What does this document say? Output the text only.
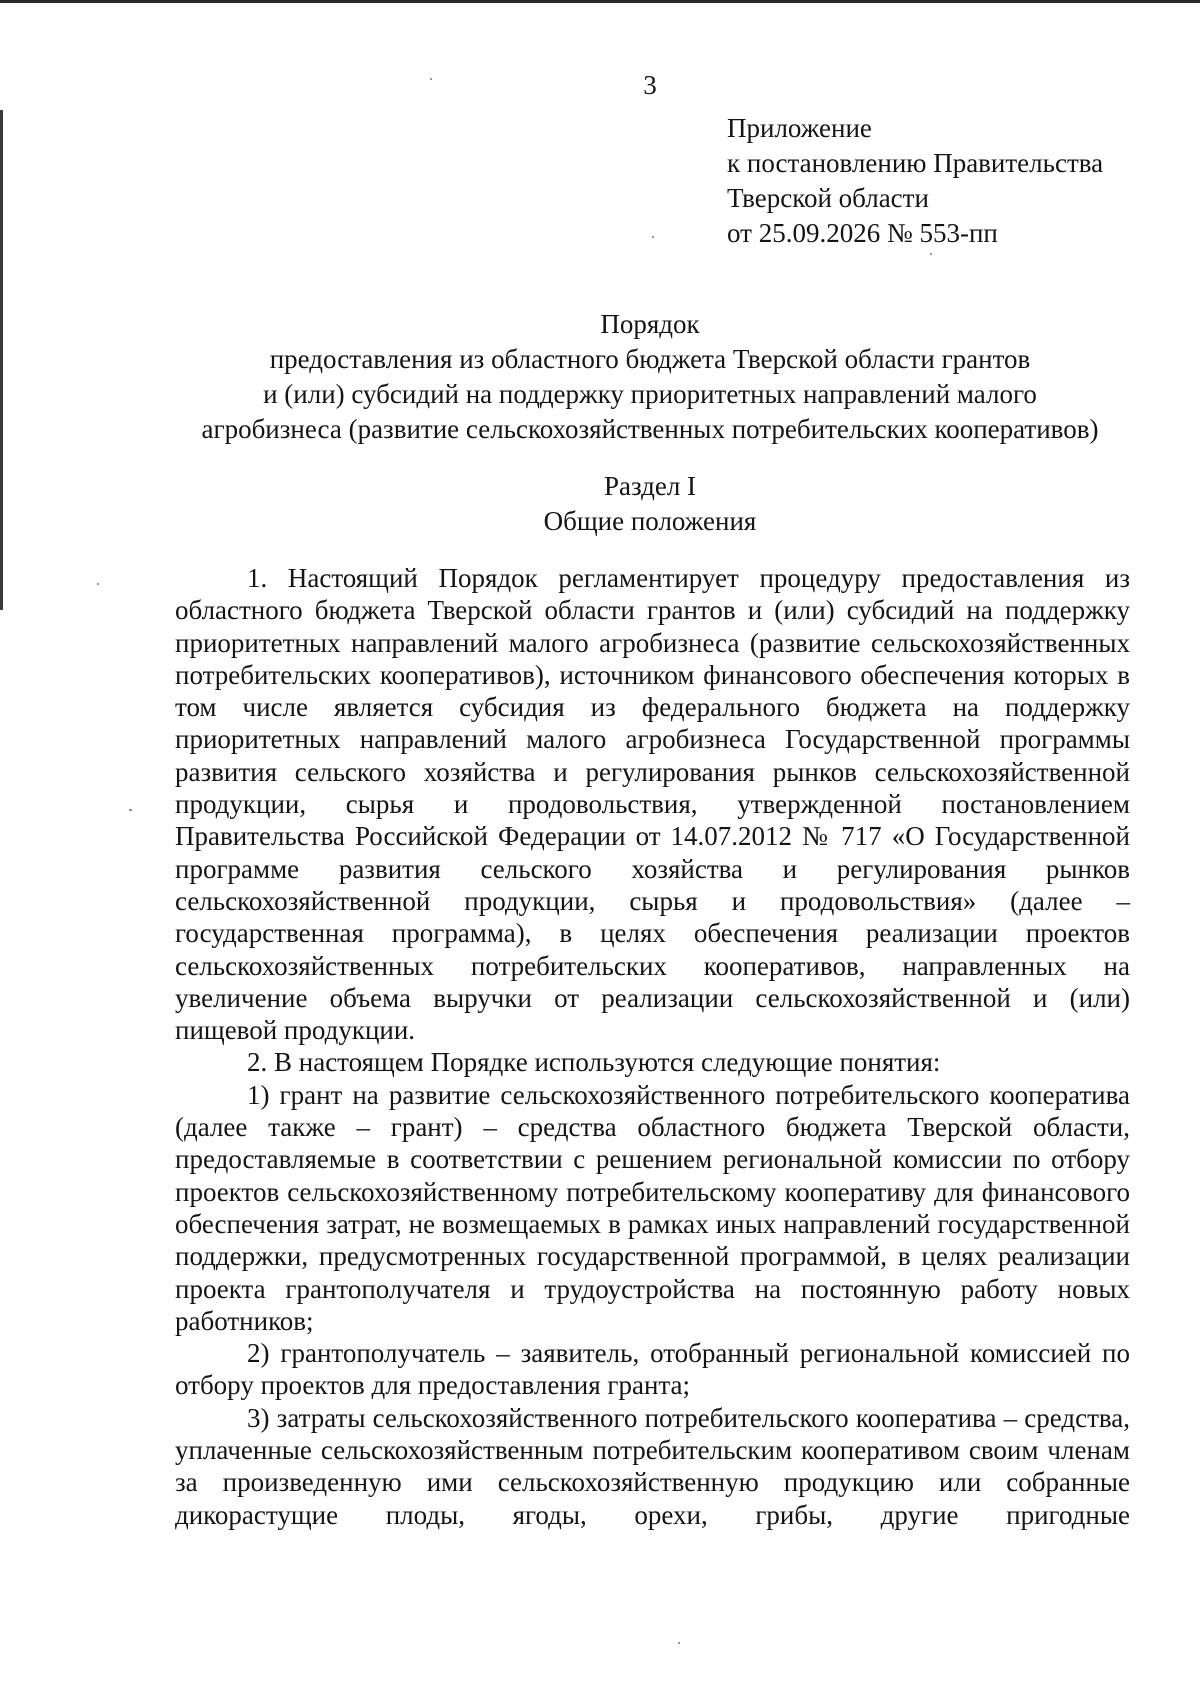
3
Приложение
к постановлению Правительства
Тверской области
от 25.09.2026 № 553-пп
Порядок
предоставления из областного бюджета Тверской области грантов
и (или) субсидий на поддержку приоритетных направлений малого
агробизнеса (развитие сельскохозяйственных потребительских кооперативов)
Раздел I
Общие положения

1. Настоящий Порядок регламентирует процедуру предоставления из областного бюджета Тверской области грантов и (или) субсидий на поддержку приоритетных направлений малого агробизнеса (развитие сельскохозяйственных потребительских кооперативов), источником финансового обеспечения которых в том числе является субсидия из федерального бюджета на поддержку приоритетных направлений малого агробизнеса Государственной программы развития сельского хозяйства и регулирования рынков сельскохозяйственной продукции, сырья и продовольствия, утвержденной постановлением Правительства Российской Федерации от 14.07.2012 № 717 «О Государственной программе развития сельского хозяйства и регулирования рынков сельскохозяйственной продукции, сырья и продовольствия» (далее – государственная программа), в целях обеспечения реализации проектов сельскохозяйственных потребительских кооперативов, направленных на увеличение объема выручки от реализации сельскохозяйственной и (или) пищевой продукции.

2. В настоящем Порядке используются следующие понятия:

1) грант на развитие сельскохозяйственного потребительского кооператива (далее также – грант) – средства областного бюджета Тверской области, предоставляемые в соответствии с решением региональной комиссии по отбору проектов сельскохозяйственному потребительскому кооперативу для финансового обеспечения затрат, не возмещаемых в рамках иных направлений государственной поддержки, предусмотренных государственной программой, в целях реализации проекта грантополучателя и трудоустройства на постоянную работу новых работников;

2) грантополучатель – заявитель, отобранный региональной комиссией по отбору проектов для предоставления гранта;

3) затраты сельскохозяйственного потребительского кооператива – средства, уплаченные сельскохозяйственным потребительским кооперативом своим членам за произведенную ими сельскохозяйственную продукцию или собранные дикорастущие плоды, ягоды, орехи, грибы, другие пригодные
